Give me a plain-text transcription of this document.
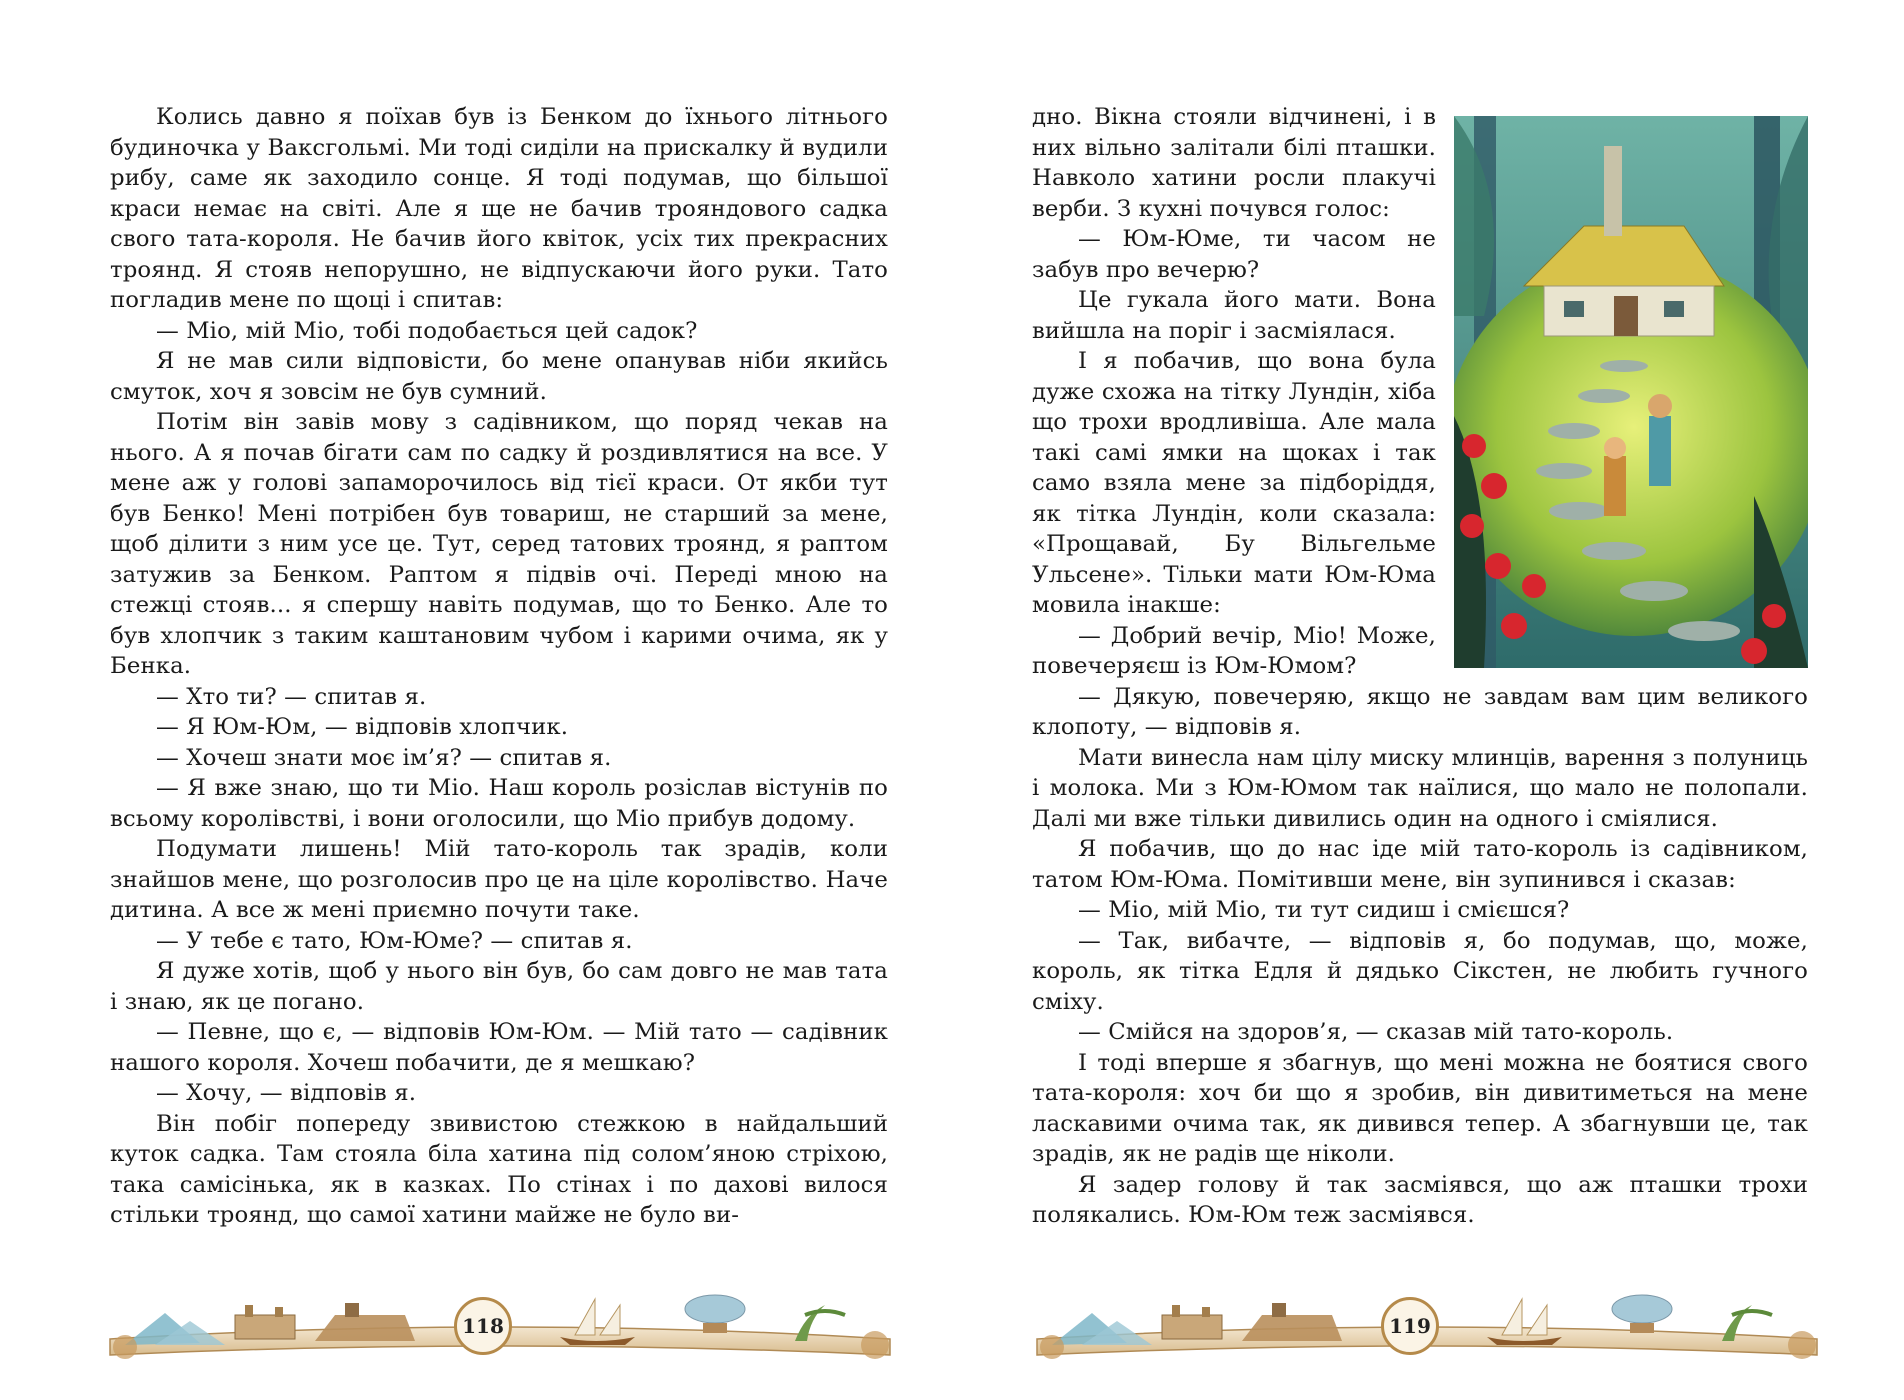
Колись давно я поїхав був із Бенком до їхнього літнього будиночка у Ваксгольмі. Ми тоді сиділи на прискалку й вудили рибу, саме як заходило сонце. Я тоді подумав, що більшої краси немає на світі. Але я ще не бачив трояндового садка свого тата-короля. Не бачив його квіток, усіх тих прекрасних троянд. Я стояв непорушно, не відпускаючи його руки. Тато погладив мене по щоці і спитав:

— Міо, мій Міо, тобі подобається цей садок?

Я не мав сили відповісти, бо мене опанував ніби якийсь смуток, хоч я зовсім не був сумний.

Потім він завів мову з садівником, що поряд чекав на нього. А я почав бігати сам по садку й роздивлятися на все. У мене аж у голові запаморочилось від тієї краси. От якби тут був Бенко! Мені потрібен був товариш, не старший за мене, щоб ділити з ним усе це. Тут, серед татових троянд, я раптом затужив за Бенком. Раптом я підвів очі. Переді мною на стежці стояв... я спершу навіть подумав, що то Бенко. Але то був хлопчик з таким каштановим чубом і карими очима, як у Бенка.

— Хто ти? — спитав я.

— Я Юм-Юм, — відповів хлопчик.

— Хочеш знати моє ім’я? — спитав я.

— Я вже знаю, що ти Міо. Наш король розіслав вістунів по всьому королівстві, і вони оголосили, що Міо прибув додому.

Подумати лишень! Мій тато-король так зрадів, коли знайшов мене, що розголосив про це на ціле королівство. Наче дитина. А все ж мені приємно почути таке.

— У тебе є тато, Юм-Юме? — спитав я.

Я дуже хотів, щоб у нього він був, бо сам довго не мав тата і знаю, як це погано.

— Певне, що є, — відповів Юм-Юм. — Мій тато — садівник нашого короля. Хочеш побачити, де я мешкаю?

— Хочу, — відповів я.

Він побіг попереду звивистою стежкою в найдальший куток садка. Там стояла біла хатина під солом’яною стріхою, така самісінька, як в казках. По стінах і по дахові вилося стільки троянд, що самої хатини майже не було ви-

118

дно. Вікна стояли відчинені, і в них вільно залітали білі пташки. Навколо хатини росли плакучі верби. З кухні почувся голос:

— Юм-Юме, ти часом не забув про вечерю?

Це гукала його мати. Вона вийшла на поріг і засміялася.

І я побачив, що вона була дуже схожа на тітку Лундін, хіба що трохи вродливіша. Але мала такі самі ямки на щоках і так само взяла мене за підборіддя, як тітка Лундін, коли сказала: «Прощавай, Бу Вільгельме Ульсене». Тільки мати Юм-Юма мовила інакше:

— Добрий вечір, Міо! Може, повечеряєш із Юм-Юмом?

— Дякую, повечеряю, якщо не завдам вам цим великого клопоту, — відповів я.

Мати винесла нам цілу миску млинців, варення з полуниць і молока. Ми з Юм-Юмом так наїлися, що мало не полопали. Далі ми вже тільки дивились один на одного і сміялися.

Я побачив, що до нас іде мій тато-король із садівником, татом Юм-Юма. Помітивши мене, він зупинився і сказав:

— Міо, мій Міо, ти тут сидиш і смієшся?

— Так, вибачте, — відповів я, бо подумав, що, може, король, як тітка Едля й дядько Сікстен, не любить гучного сміху.

— Смійся на здоров’я, — сказав мій тато-король.

І тоді вперше я збагнув, що мені можна не боятися свого тата-короля: хоч би що я зробив, він дивитиметься на мене ласкавими очима так, як дивився тепер. А збагнувши це, так зрадів, як не радів ще ніколи.

Я задер голову й так засміявся, що аж пташки трохи полякались. Юм-Юм теж засміявся.

119
